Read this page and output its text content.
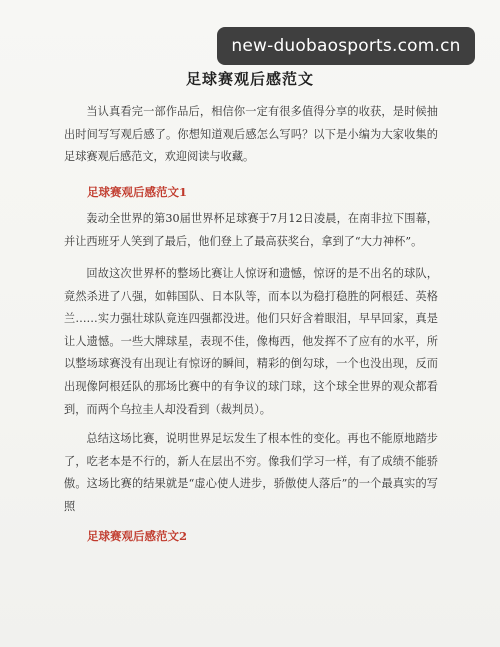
new-duobaosports.com.cn
足球赛观后感范文

当认真看完一部作品后，相信你一定有很多值得分享的收获，是时候抽出时间写写观后感了。你想知道观后感怎么写吗？以下是小编为大家收集的足球赛观后感范文，欢迎阅读与收藏。

足球赛观后感范文1

轰动全世界的第30届世界杯足球赛于7月12日凌晨，在南非拉下围幕，并让西班牙人笑到了最后，他们登上了最高获奖台，拿到了“大力神杯”。

回故这次世界杯的整场比赛让人惊讶和遗憾，惊讶的是不出名的球队，竟然杀进了八强，如韩国队、日本队等，而本以为稳打稳胜的阿根廷、英格兰……实力强壮球队竟连四强都没进。他们只好含着眼泪，早早回家，真是让人遗憾。一些大牌球星，表现不佳，像梅西，他发挥不了应有的水平，所以整场球赛没有出现让有惊讶的瞬间，精彩的倒勾球，一个也没出现，反而出现像阿根廷队的那场比赛中的有争议的球门球，这个球全世界的观众都看到，而两个乌拉圭人却没看到（裁判员）。

总结这场比赛，说明世界足坛发生了根本性的变化。再也不能原地踏步了，吃老本是不行的，新人在层出不穷。像我们学习一样，有了成绩不能骄傲。这场比赛的结果就是“虚心使人进步，骄傲使人落后”的一个最真实的写照

足球赛观后感范文2
